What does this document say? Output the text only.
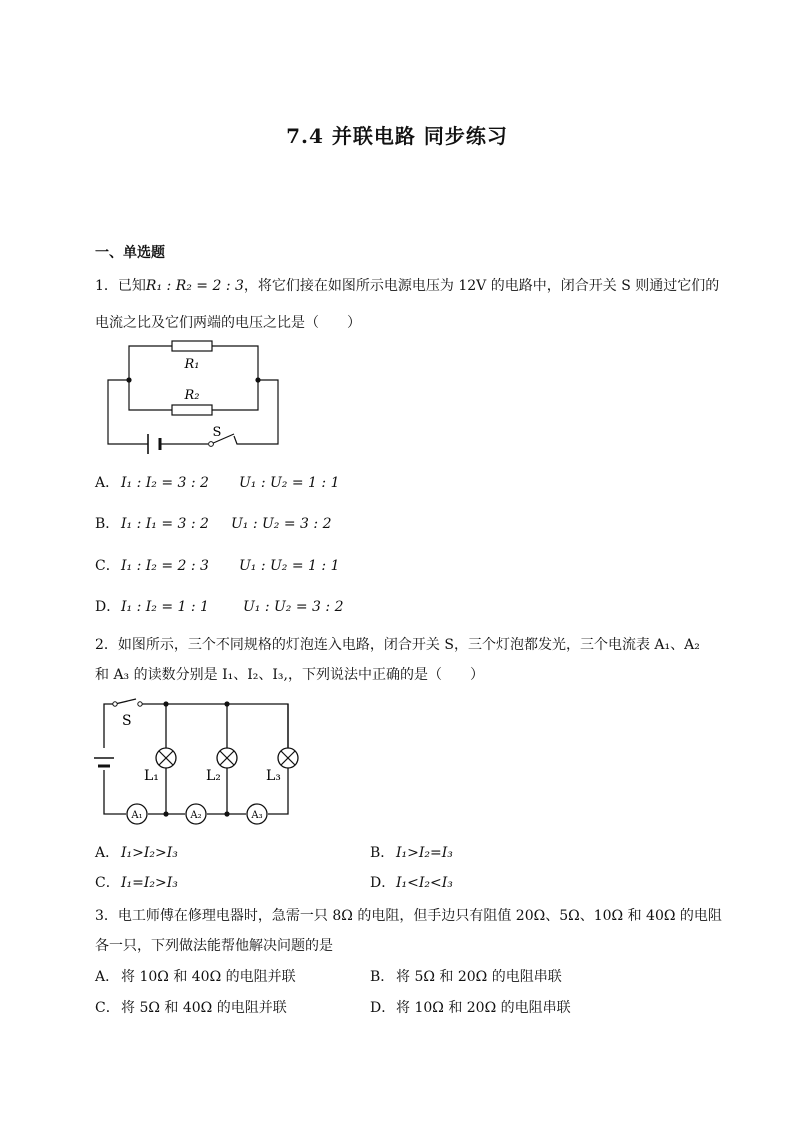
7.4 并联电路 同步练习
一、单选题
1．已知R₁ : R₂ = 2 : 3，将它们接在如图所示电源电压为 12V 的电路中，闭合开关 S 则通过它们的
电流之比及它们两端的电压之比是（　　）
R₁
R₂
S
A． I₁ : I₂ = 3 : 2 U₁ : U₂ = 1 : 1
B． I₁ : I₁ = 3 : 2 U₁ : U₂ = 3 : 2
C．I₁ : I₂ = 2 : 3 U₁ : U₂ = 1 : 1
D．I₁ : I₂ = 1 : 1 U₁ : U₂ = 3 : 2
2．如图所示，三个不同规格的灯泡连入电路，闭合开关 S，三个灯泡都发光，三个电流表 A₁、A₂
和 A₃ 的读数分别是 I₁、I₂、I₃,，下列说法中正确的是（　　）
S
L₁	L₂	L₃
A₁	A₂	A₃
A． I₁>I₂>I₃	B． I₁>I₂=I₃
C．I₁=I₂>I₃	D．I₁<I₂<I₃
3．电工师傅在修理电器时，急需一只 8Ω 的电阻，但手边只有阻值 20Ω、5Ω、10Ω 和 40Ω 的电阻
各一只，下列做法能帮他解决问题的是
A． 将 10Ω 和 40Ω 的电阻并联	B． 将 5Ω 和 20Ω 的电阻串联
C．将 5Ω 和 40Ω 的电阻并联	D．将 10Ω 和 20Ω 的电阻串联
